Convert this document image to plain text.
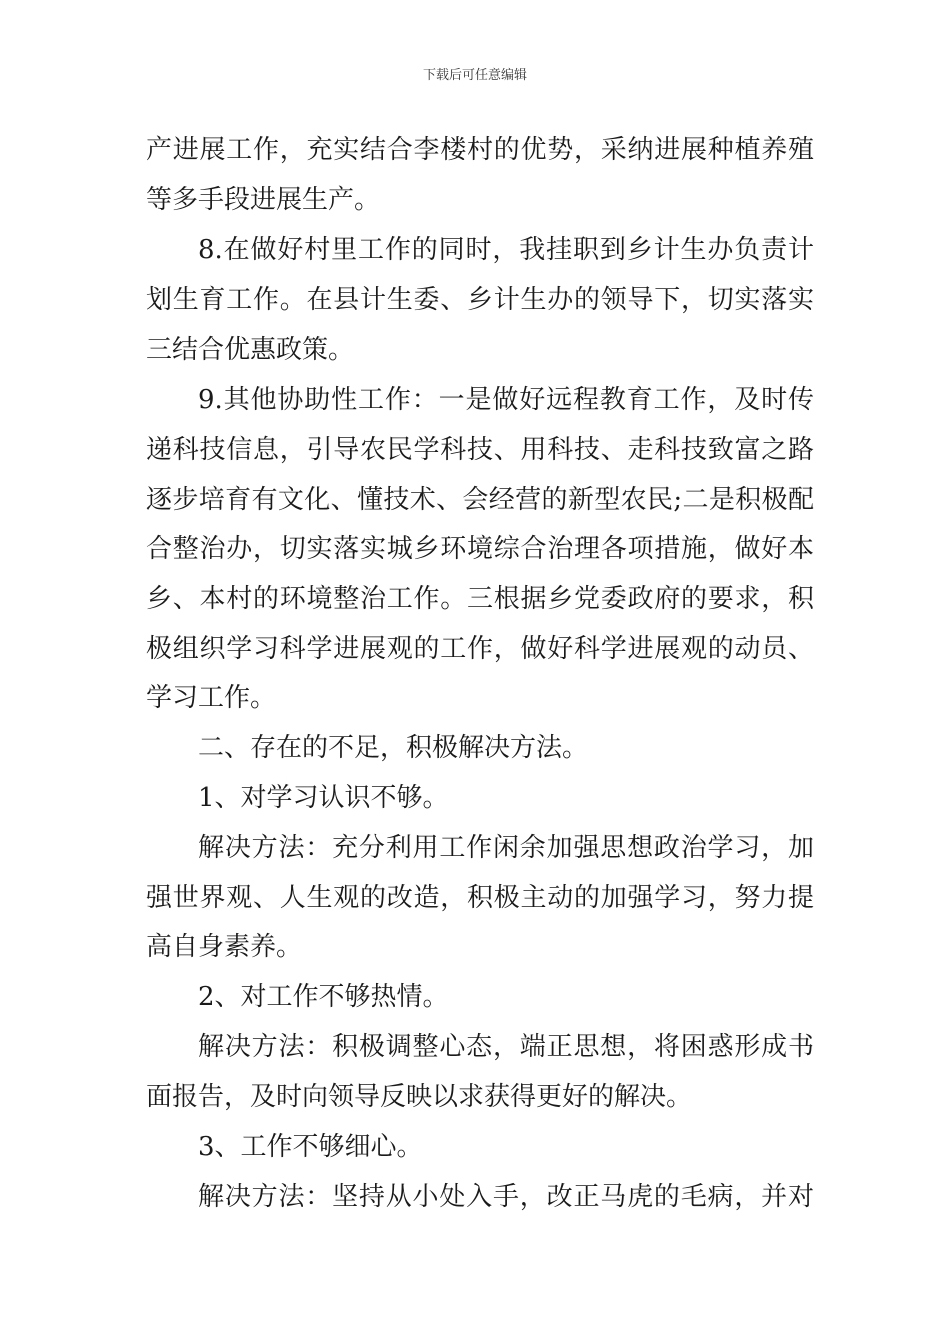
下载后可任意编辑
产进展工作，充实结合李楼村的优势，采纳进展种植养殖
等多手段进展生产。
8.在做好村里工作的同时，我挂职到乡计生办负责计
划生育工作。在县计生委、乡计生办的领导下，切实落实
三结合优惠政策。
9.其他协助性工作：一是做好远程教育工作，及时传
递科技信息，引导农民学科技、用科技、走科技致富之路
逐步培育有文化、懂技术、会经营的新型农民;二是积极配
合整治办，切实落实城乡环境综合治理各项措施，做好本
乡、本村的环境整治工作。三根据乡党委政府的要求，积
极组织学习科学进展观的工作，做好科学进展观的动员、
学习工作。
二、存在的不足，积极解决方法。
1、对学习认识不够。
解决方法：充分利用工作闲余加强思想政治学习，加
强世界观、人生观的改造，积极主动的加强学习，努力提
高自身素养。
2、对工作不够热情。
解决方法：积极调整心态，端正思想，将困惑形成书
面报告，及时向领导反映以求获得更好的解决。
3、工作不够细心。
解决方法：坚持从小处入手，改正马虎的毛病，并对
